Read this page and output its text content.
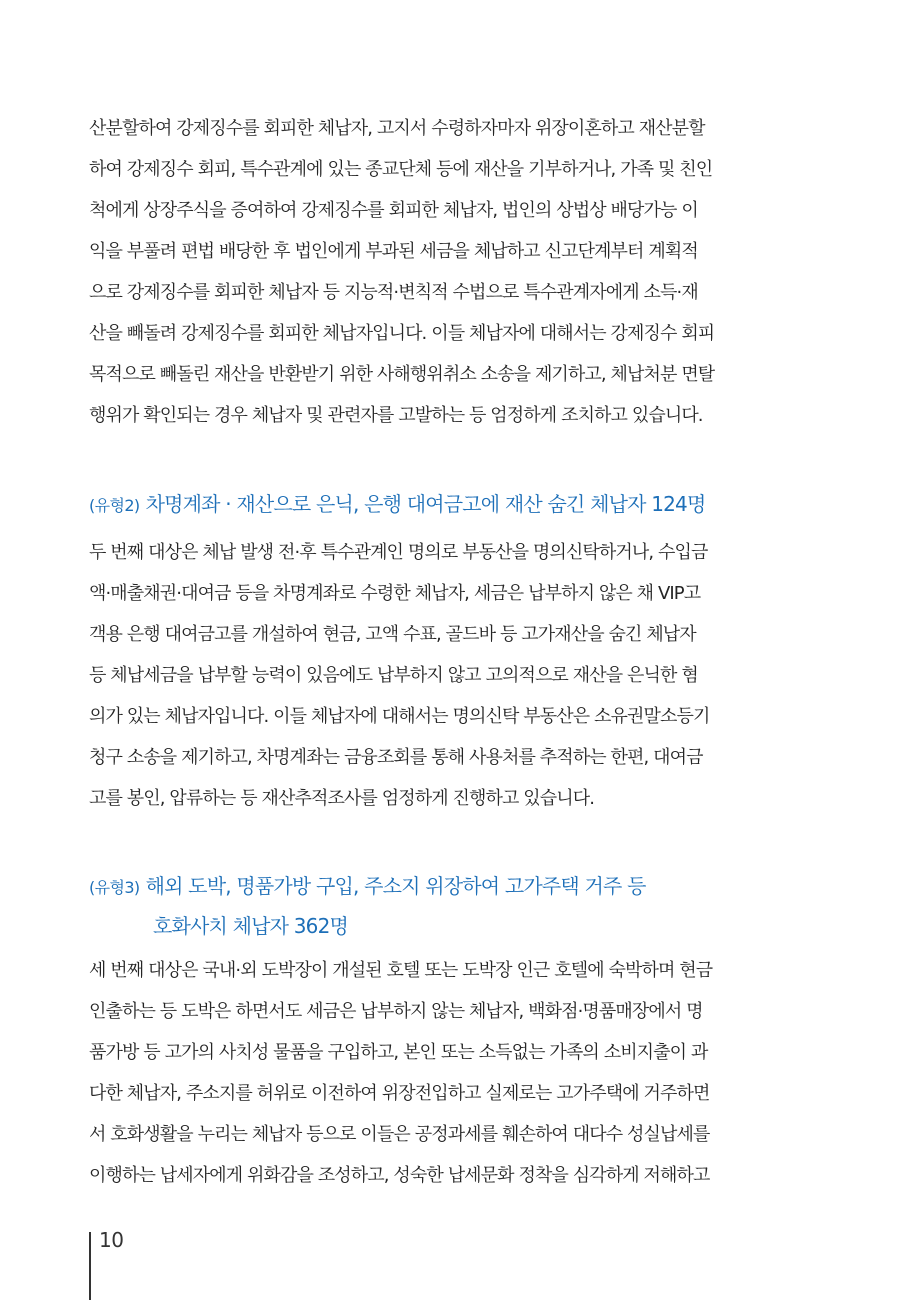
산분할하여 강제징수를 회피한 체납자, 고지서 수령하자마자 위장이혼하고 재산분할
하여 강제징수 회피, 특수관계에 있는 종교단체 등에 재산을 기부하거나, 가족 및 친인
척에게 상장주식을 증여하여 강제징수를 회피한 체납자, 법인의 상법상 배당가능 이
익을 부풀려 편법 배당한 후 법인에게 부과된 세금을 체납하고 신고단계부터 계획적
으로 강제징수를 회피한 체납자 등 지능적·변칙적 수법으로 특수관계자에게 소득·재
산을 빼돌려 강제징수를 회피한 체납자입니다. 이들 체납자에 대해서는 강제징수 회피
목적으로 빼돌린 재산을 반환받기 위한 사해행위취소 소송을 제기하고, 체납처분 면탈
행위가 확인되는 경우 체납자 및 관련자를 고발하는 등 엄정하게 조치하고 있습니다.
(유형2) 차명계좌 · 재산으로 은닉, 은행 대여금고에 재산 숨긴 체납자 124명
두 번째 대상은 체납 발생 전·후 특수관계인 명의로 부동산을 명의신탁하거나, 수입금
액·매출채권·대여금 등을 차명계좌로 수령한 체납자, 세금은 납부하지 않은 채 VIP고
객용 은행 대여금고를 개설하여 현금, 고액 수표, 골드바 등 고가재산을 숨긴 체납자
등 체납세금을 납부할 능력이 있음에도 납부하지 않고 고의적으로 재산을 은닉한 혐
의가 있는 체납자입니다. 이들 체납자에 대해서는 명의신탁 부동산은 소유권말소등기
청구 소송을 제기하고, 차명계좌는 금융조회를 통해 사용처를 추적하는 한편, 대여금
고를 봉인, 압류하는 등 재산추적조사를 엄정하게 진행하고 있습니다.
(유형3) 해외 도박, 명품가방 구입, 주소지 위장하여 고가주택 거주 등
호화사치 체납자 362명
세 번째 대상은 국내·외 도박장이 개설된 호텔 또는 도박장 인근 호텔에 숙박하며 현금
인출하는 등 도박은 하면서도 세금은 납부하지 않는 체납자, 백화점·명품매장에서 명
품가방 등 고가의 사치성 물품을 구입하고, 본인 또는 소득없는 가족의 소비지출이 과
다한 체납자, 주소지를 허위로 이전하여 위장전입하고 실제로는 고가주택에 거주하면
서 호화생활을 누리는 체납자 등으로 이들은 공정과세를 훼손하여 대다수 성실납세를
이행하는 납세자에게 위화감을 조성하고, 성숙한 납세문화 정착을 심각하게 저해하고
10
